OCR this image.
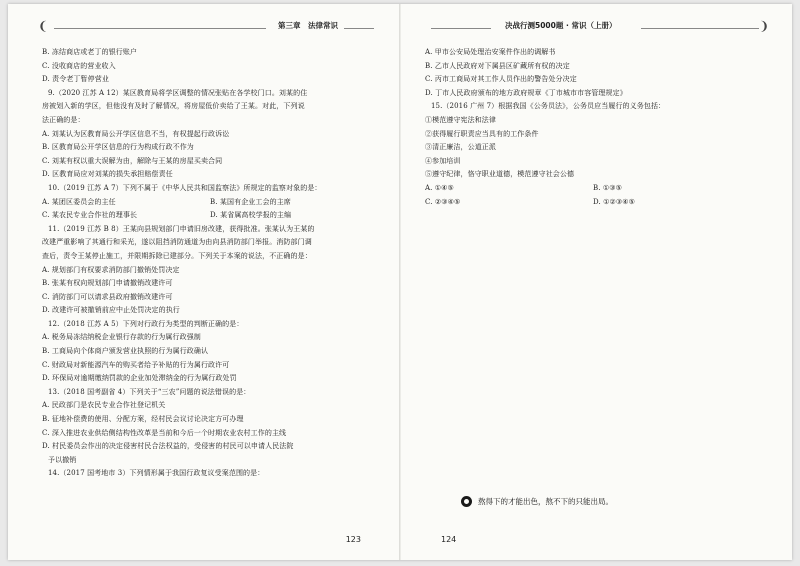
❨	第三章　法律常识
B. 冻结商店或老丁的银行账户
C. 没收商店的营业收入
D. 责令老丁暂停营业
9.（2020 江苏 A 12）某区教育局将学区调整的情况张贴在各学校门口。刘某的住
房被划入新的学区，但他没有及时了解情况，将房屋低价卖给了王某。对此，下列说
法正确的是：
A. 刘某认为区教育局公开学区信息不当，有权提起行政诉讼
B. 区教育局公开学区信息的行为构成行政不作为
C. 刘某有权以重大误解为由，解除与王某的房屋买卖合同
D. 区教育局应对刘某的损失承担赔偿责任
10.（2019 江苏 A 7）下列不属于《中华人民共和国监察法》所规定的监察对象的是：
A. 某团区委员会的主任	B. 某国有企业工会的主席
C. 某农民专业合作社的理事长	D. 某省属高校学报的主编
11.（2019 江苏 B 8）王某向县规划部门申请旧房改建，获得批准。张某认为王某的
改建严重影响了其通行和采光，遂以阻挡消防通道为由向县消防部门举报。消防部门调
查后，责令王某停止施工，并限期拆除已建部分。下列关于本案的说法，不正确的是：
A. 规划部门有权要求消防部门撤销处罚决定
B. 张某有权向规划部门申请撤销改建许可
C. 消防部门可以请求县政府撤销改建许可
D. 改建许可被撤销前应中止处罚决定的执行
12.（2018 江苏 A 5）下列对行政行为类型的判断正确的是：
A. 税务局冻结纳税企业银行存款的行为属行政强制
B. 工商局向个体商户颁发营业执照的行为属行政确认
C. 财政局对新能源汽车的购买者给予补贴的行为属行政许可
D. 环保局对逾期缴纳罚款的企业加处滞纳金的行为属行政处罚
13.（2018 国考副省 4）下列关于“三农”问题的说法错误的是：
A. 民政部门是农民专业合作社登记机关
B. 征地补偿费的使用、分配方案，经村民会议讨论决定方可办理
C. 深入推进农业供给侧结构性改革是当前和今后一个时期农业农村工作的主线
D. 村民委员会作出的决定侵害村民合法权益的，受侵害的村民可以申请人民法院
予以撤销
14.（2017 国考地市 3）下列情形属于我国行政复议受案范围的是：
123
决战行测5000题 · 常识（上册）	❩
A. 甲市公安局处理治安案件作出的调解书
B. 乙市人民政府对下属县区矿藏所有权的决定
C. 丙市工商局对其工作人员作出的警告处分决定
D. 丁市人民政府颁布的地方政府规章《丁市城市市容管理规定》
15.（2016 广州 7）根据我国《公务员法》，公务员应当履行的义务包括：
①模范遵守宪法和法律
②获得履行职责应当具有的工作条件
③清正廉洁，公道正派
④参加培训
⑤遵守纪律，恪守职业道德，模范遵守社会公德
A. ①④⑤	B. ①③⑤
C. ②③④⑤	D. ①②③④⑤
熬得下的才能出色，熬不下的只能出局。
124
